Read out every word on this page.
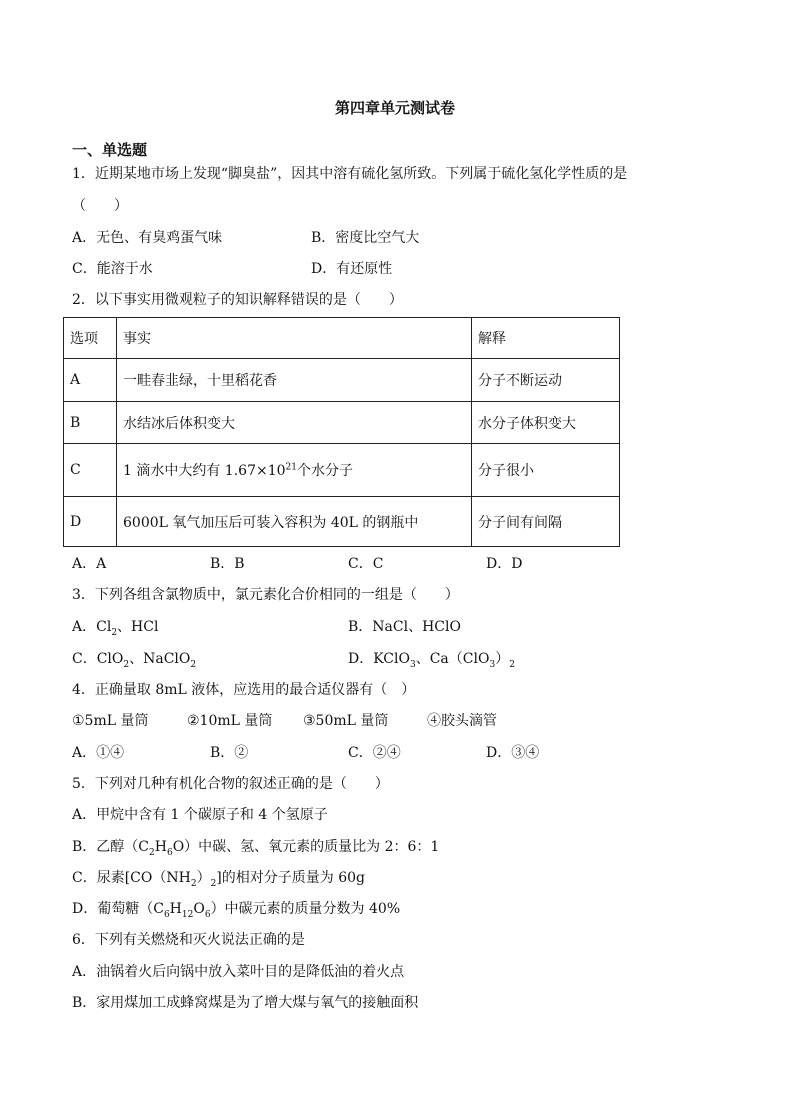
第四章单元测试卷
一、单选题
1．近期某地市场上发现“脚臭盐”，因其中溶有硫化氢所致。下列属于硫化氢化学性质的是
（　　）
A．无色、有臭鸡蛋气味	B．密度比空气大
C．能溶于水	D．有还原性
2．以下事实用微观粒子的知识解释错误的是（　　）
选项	事实	解释
A	一畦春韭绿，十里稻花香	分子不断运动
B	水结冰后体积变大	水分子体积变大
C	1 滴水中大约有 $1.67\times 10^{21}$个水分子	分子很小
D	6000L 氧气加压后可装入容积为 40L 的钢瓶中	分子间有间隔
A．A	B．B	C．C	D．D
3．下列各组含氯物质中，氯元素化合价相同的一组是（　　）
A．$Cl_2$、HCl	B．NaCl、HClO
C．ClO$_2$、NaClO$_2$	D．KClO$_3$、$Ca(ClO_3)_2$
4．正确量取 8mL 液体，应选用的最合适仪器有（　）
①5mL 量筒	②10mL 量筒 ③50mL 量筒	④胶头滴管
A．①④	B．②	C．②④	D．③④
5．下列对几种有机化合物的叙述正确的是（　　）
A．甲烷中含有 1 个碳原子和 4 个氢原子
B．乙醇$(C_2H_6O)$中碳、氢、氧元素的质量比为 2：6：1
C．尿素$[CO(NH_2)_2]$的相对分子质量为 60g
D．葡萄糖$(C_6H_{12}O_6)$中碳元素的质量分数为 40%
6．下列有关燃烧和灭火说法正确的是
A．油锅着火后向锅中放入菜叶目的是降低油的着火点
B．家用煤加工成蜂窝煤是为了增大煤与氧气的接触面积
